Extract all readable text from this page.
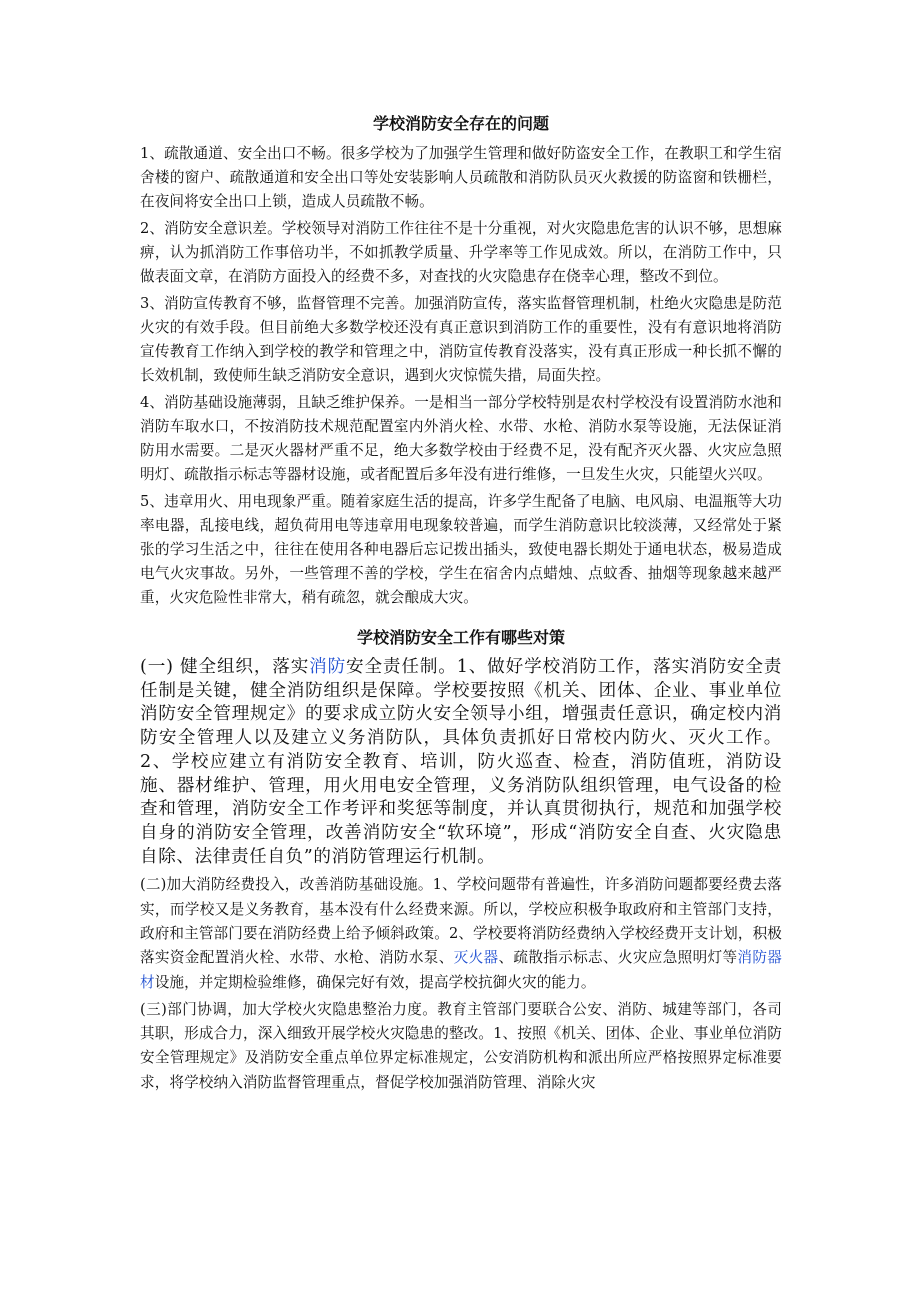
学校消防安全存在的问题

1、疏散通道、安全出口不畅。很多学校为了加强学生管理和做好防盗安全工作，在教职工和学生宿舍楼的窗户、疏散通道和安全出口等处安装影响人员疏散和消防队员灭火救援的防盗窗和铁栅栏，在夜间将安全出口上锁，造成人员疏散不畅。

2、消防安全意识差。学校领导对消防工作往往不是十分重视，对火灾隐患危害的认识不够，思想麻痹，认为抓消防工作事倍功半，不如抓教学质量、升学率等工作见成效。所以，在消防工作中，只做表面文章，在消防方面投入的经费不多，对查找的火灾隐患存在侥幸心理，整改不到位。

3、消防宣传教育不够，监督管理不完善。加强消防宣传，落实监督管理机制，杜绝火灾隐患是防范火灾的有效手段。但目前绝大多数学校还没有真正意识到消防工作的重要性，没有有意识地将消防宣传教育工作纳入到学校的教学和管理之中，消防宣传教育没落实，没有真正形成一种长抓不懈的长效机制，致使师生缺乏消防安全意识，遇到火灾惊慌失措，局面失控。

4、消防基础设施薄弱，且缺乏维护保养。一是相当一部分学校特别是农村学校没有设置消防水池和消防车取水口，不按消防技术规范配置室内外消火栓、水带、水枪、消防水泵等设施，无法保证消防用水需要。二是灭火器材严重不足，绝大多数学校由于经费不足，没有配齐灭火器、火灾应急照明灯、疏散指示标志等器材设施，或者配置后多年没有进行维修，一旦发生火灾，只能望火兴叹。

5、违章用火、用电现象严重。随着家庭生活的提高，许多学生配备了电脑、电风扇、电温瓶等大功率电器，乱接电线，超负荷用电等违章用电现象较普遍，而学生消防意识比较淡薄，又经常处于紧张的学习生活之中，往往在使用各种电器后忘记拨出插头，致使电器长期处于通电状态，极易造成电气火灾事故。另外，一些管理不善的学校，学生在宿舍内点蜡烛、点蚊香、抽烟等现象越来越严重，火灾危险性非常大，稍有疏忽，就会酿成大灾。

学校消防安全工作有哪些对策

(一) 健全组织，落实消防安全责任制。1、做好学校消防工作，落实消防安全责任制是关键，健全消防组织是保障。学校要按照《机关、团体、企业、事业单位消防安全管理规定》的要求成立防火安全领导小组，增强责任意识，确定校内消防安全管理人以及建立义务消防队，具体负责抓好日常校内防火、灭火工作。2、学校应建立有消防安全教育、培训，防火巡查、检查，消防值班，消防设施、器材维护、管理，用火用电安全管理，义务消防队组织管理，电气设备的检查和管理，消防安全工作考评和奖惩等制度，并认真贯彻执行，规范和加强学校自身的消防安全管理，改善消防安全“软环境”，形成“消防安全自查、火灾隐患自除、法律责任自负”的消防管理运行机制。

(二)加大消防经费投入，改善消防基础设施。1、学校问题带有普遍性，许多消防问题都要经费去落实，而学校又是义务教育，基本没有什么经费来源。所以，学校应积极争取政府和主管部门支持，政府和主管部门要在消防经费上给予倾斜政策。2、学校要将消防经费纳入学校经费开支计划，积极落实资金配置消火栓、水带、水枪、消防水泵、灭火器、疏散指示标志、火灾应急照明灯等消防器材设施，并定期检验维修，确保完好有效，提高学校抗御火灾的能力。

(三)部门协调，加大学校火灾隐患整治力度。教育主管部门要联合公安、消防、城建等部门，各司其职，形成合力，深入细致开展学校火灾隐患的整改。1、按照《机关、团体、企业、事业单位消防安全管理规定》及消防安全重点单位界定标准规定，公安消防机构和派出所应严格按照界定标准要求，将学校纳入消防监督管理重点，督促学校加强消防管理、消除火灾
